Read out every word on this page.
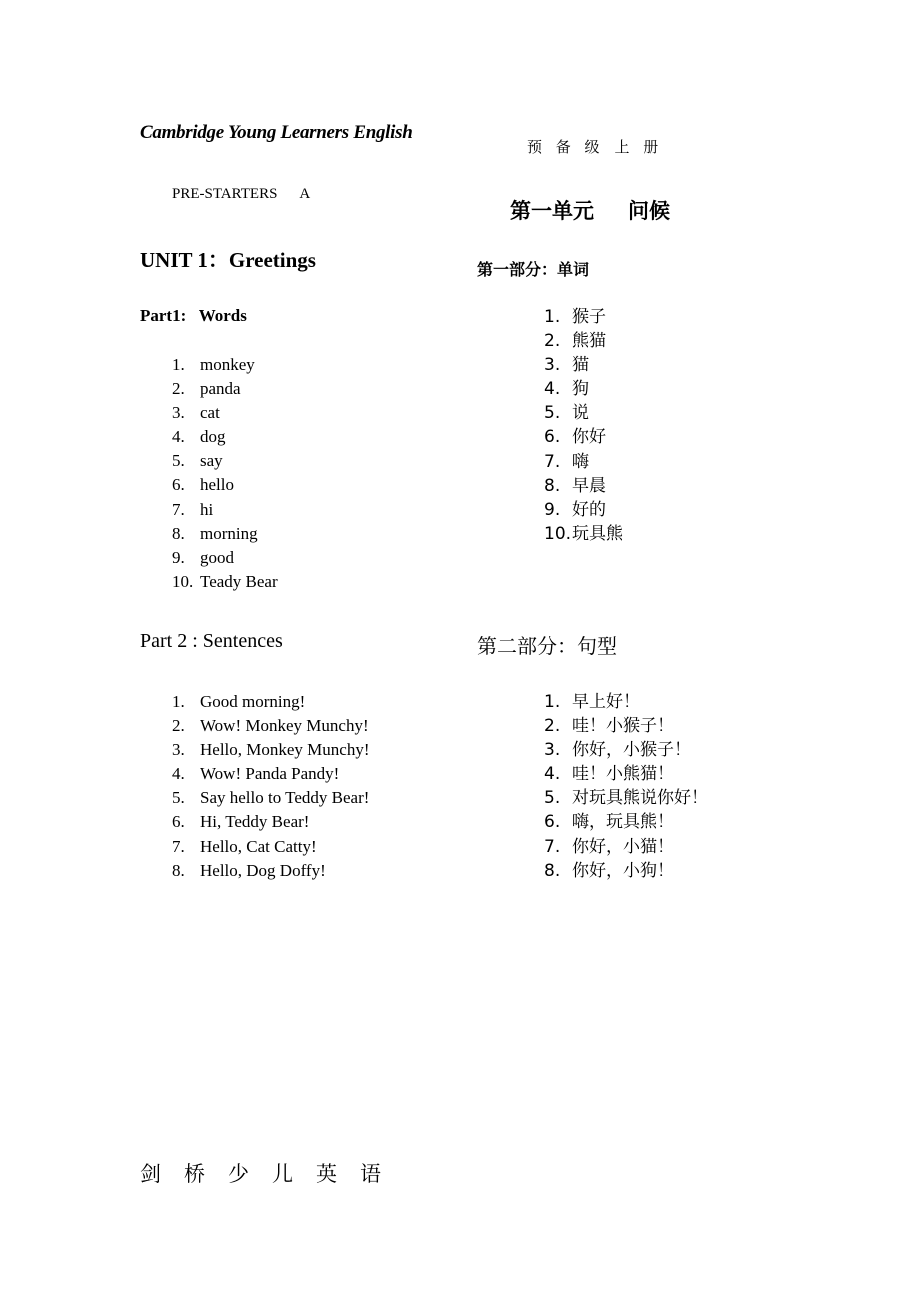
Cambridge Young Learners English
预 备 级 上 册
PRE-STARTERS A
第一单元 问候
UNIT 1：Greetings	第一部分：单词
Part1:   Words
1. monkey
2. panda
3. cat
4. dog
5. say
6. hello
7. hi
8. morning
9. good
10. Teady Bear
1. 猴子
2. 熊猫
3. 猫
4. 狗
5. 说
6. 你好
7. 嗨
8. 早晨
9. 好的
10. 玩具熊
Part 2 : Sentences	第二部分：句型
1. Good morning!
2. Wow! Monkey Munchy!
3. Hello, Monkey Munchy!
4. Wow! Panda Pandy!
5. Say hello to Teddy Bear!
6. Hi, Teddy Bear!
7. Hello, Cat Catty!
8. Hello, Dog Doffy!
1. 早上好！
2. 哇！小猴子！
3. 你好，小猴子！
4. 哇！小熊猫！
5. 对玩具熊说你好！
6. 嗨，玩具熊！
7. 你好，小猫！
8. 你好，小狗！
剑桥少儿英语
